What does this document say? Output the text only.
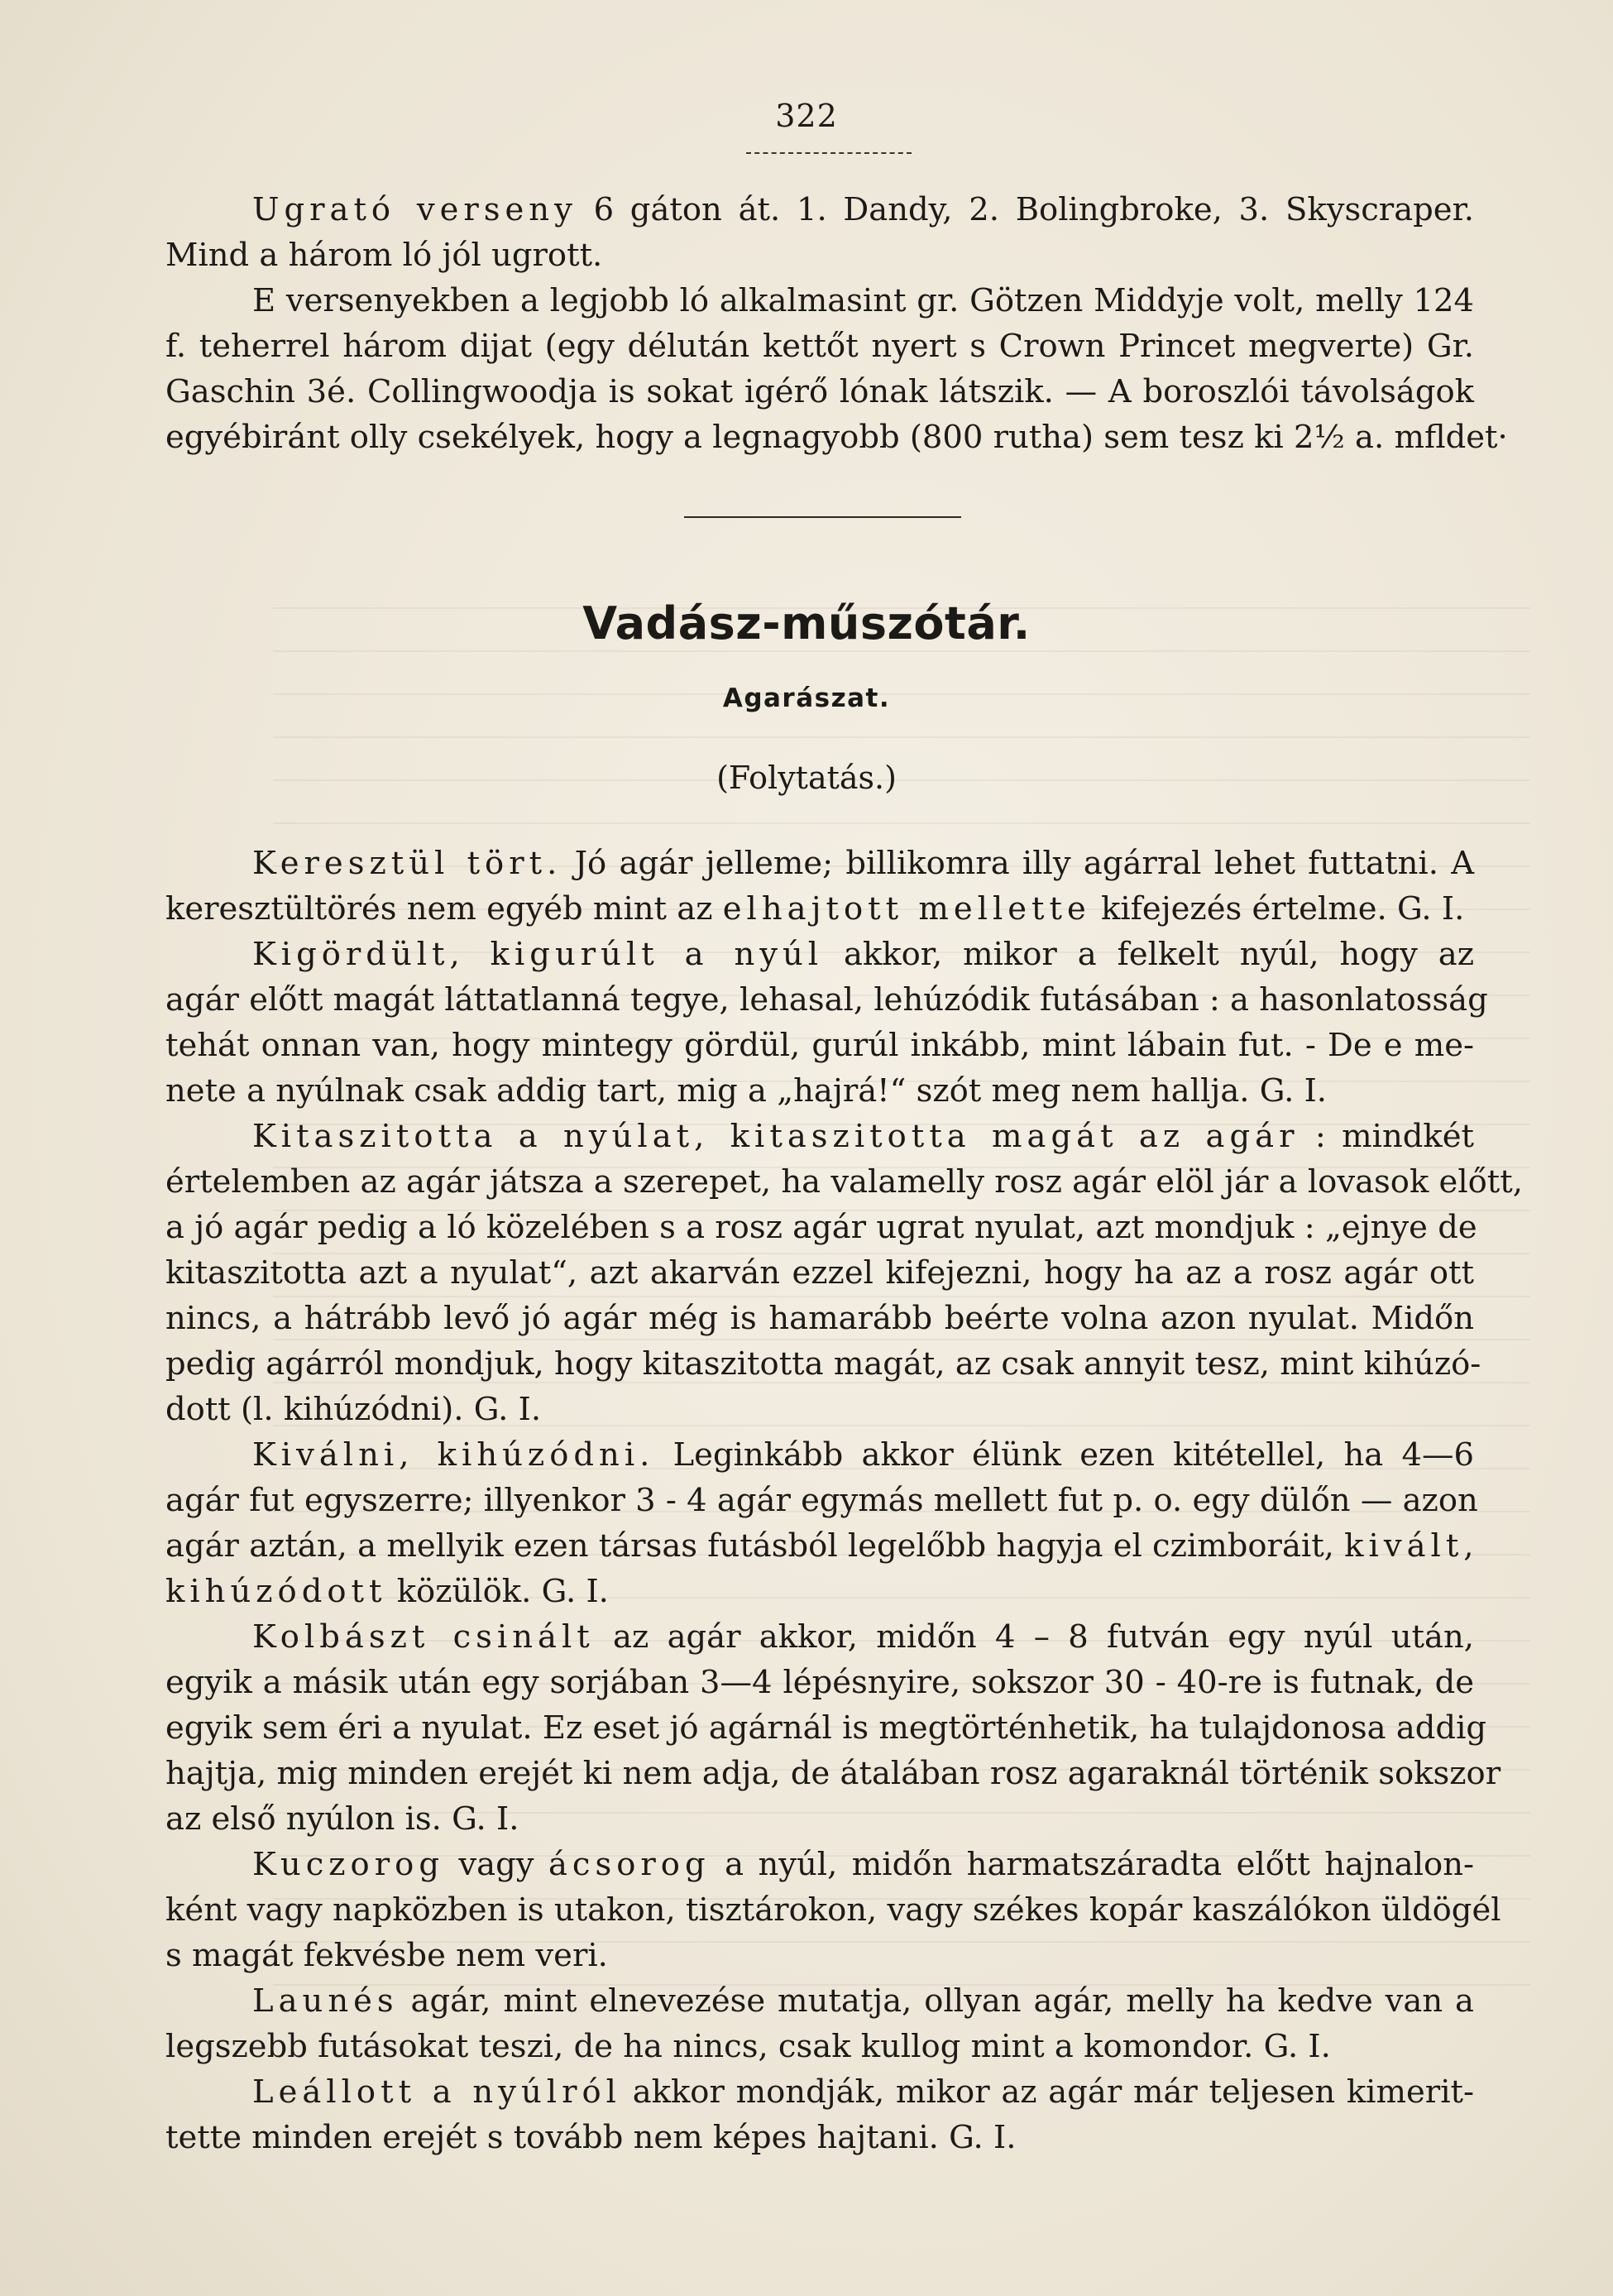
322
Ugrató verseny 6 gáton át. 1. Dandy, 2. Bolingbroke, 3. Skyscraper.
Mind a három ló jól ugrott.
E versenyekben a legjobb ló alkalmasint gr. Götzen Middyje volt, melly 124
f. teherrel három dijat (egy délután kettőt nyert s Crown Princet megverte) Gr.
Gaschin 3é. Collingwoodja is sokat igérő lónak látszik. — A boroszlói távolságok
egyébiránt olly csekélyek, hogy a legnagyobb (800 rutha) sem tesz ki 2½ a. mfldet·
Vadász-műszótár.
Agarászat.
(Folytatás.)
Keresztül tört. Jó agár jelleme; billikomra illy agárral lehet futtatni. A
keresztültörés nem egyéb mint az elhajtott mellette kifejezés értelme. G. I.
Kigördült, kigurúlt a nyúl akkor, mikor a felkelt nyúl, hogy az
agár előtt magát láttatlanná tegye, lehasal, lehúzódik futásában : a hasonlatosság
tehát onnan van, hogy mintegy gördül, gurúl inkább, mint lábain fut. - De e me-
nete a nyúlnak csak addig tart, mig a „hajrá!“ szót meg nem hallja. G. I.
Kitaszitotta a nyúlat, kitaszitotta magát az agár : mindkét
értelemben az agár játsza a szerepet, ha valamelly rosz agár elöl jár a lovasok előtt,
a jó agár pedig a ló közelében s a rosz agár ugrat nyulat, azt mondjuk : „ejnye de
kitaszitotta azt a nyulat“, azt akarván ezzel kifejezni, hogy ha az a rosz agár ott
nincs, a hátrább levő jó agár még is hamarább beérte volna azon nyulat. Midőn
pedig agárról mondjuk, hogy kitaszitotta magát, az csak annyit tesz, mint kihúzó-
dott (l. kihúzódni). G. I.
Kiválni, kihúzódni. Leginkább akkor élünk ezen kitétellel, ha 4—6
agár fut egyszerre; illyenkor 3 - 4 agár egymás mellett fut p. o. egy dülőn — azon
agár aztán, a mellyik ezen társas futásból legelőbb hagyja el czimboráit, kivált,
kihúzódott közülök. G. I.
Kolbászt csinált az agár akkor, midőn 4 – 8 futván egy nyúl után,
egyik a másik után egy sorjában 3—4 lépésnyire, sokszor 30 - 40-re is futnak, de
egyik sem éri a nyulat. Ez eset jó agárnál is megtörténhetik, ha tulajdonosa addig
hajtja, mig minden erejét ki nem adja, de átalában rosz agaraknál történik sokszor
az első nyúlon is. G. I.
Kuczorog vagy ácsorog a nyúl, midőn harmatszáradta előtt hajnalon-
ként vagy napközben is utakon, tisztárokon, vagy székes kopár kaszálókon üldögél
s magát fekvésbe nem veri.
Launés agár, mint elnevezése mutatja, ollyan agár, melly ha kedve van a
legszebb futásokat teszi, de ha nincs, csak kullog mint a komondor. G. I.
Leállott a nyúlról akkor mondják, mikor az agár már teljesen kimerit-
tette minden erejét s tovább nem képes hajtani. G. I.
